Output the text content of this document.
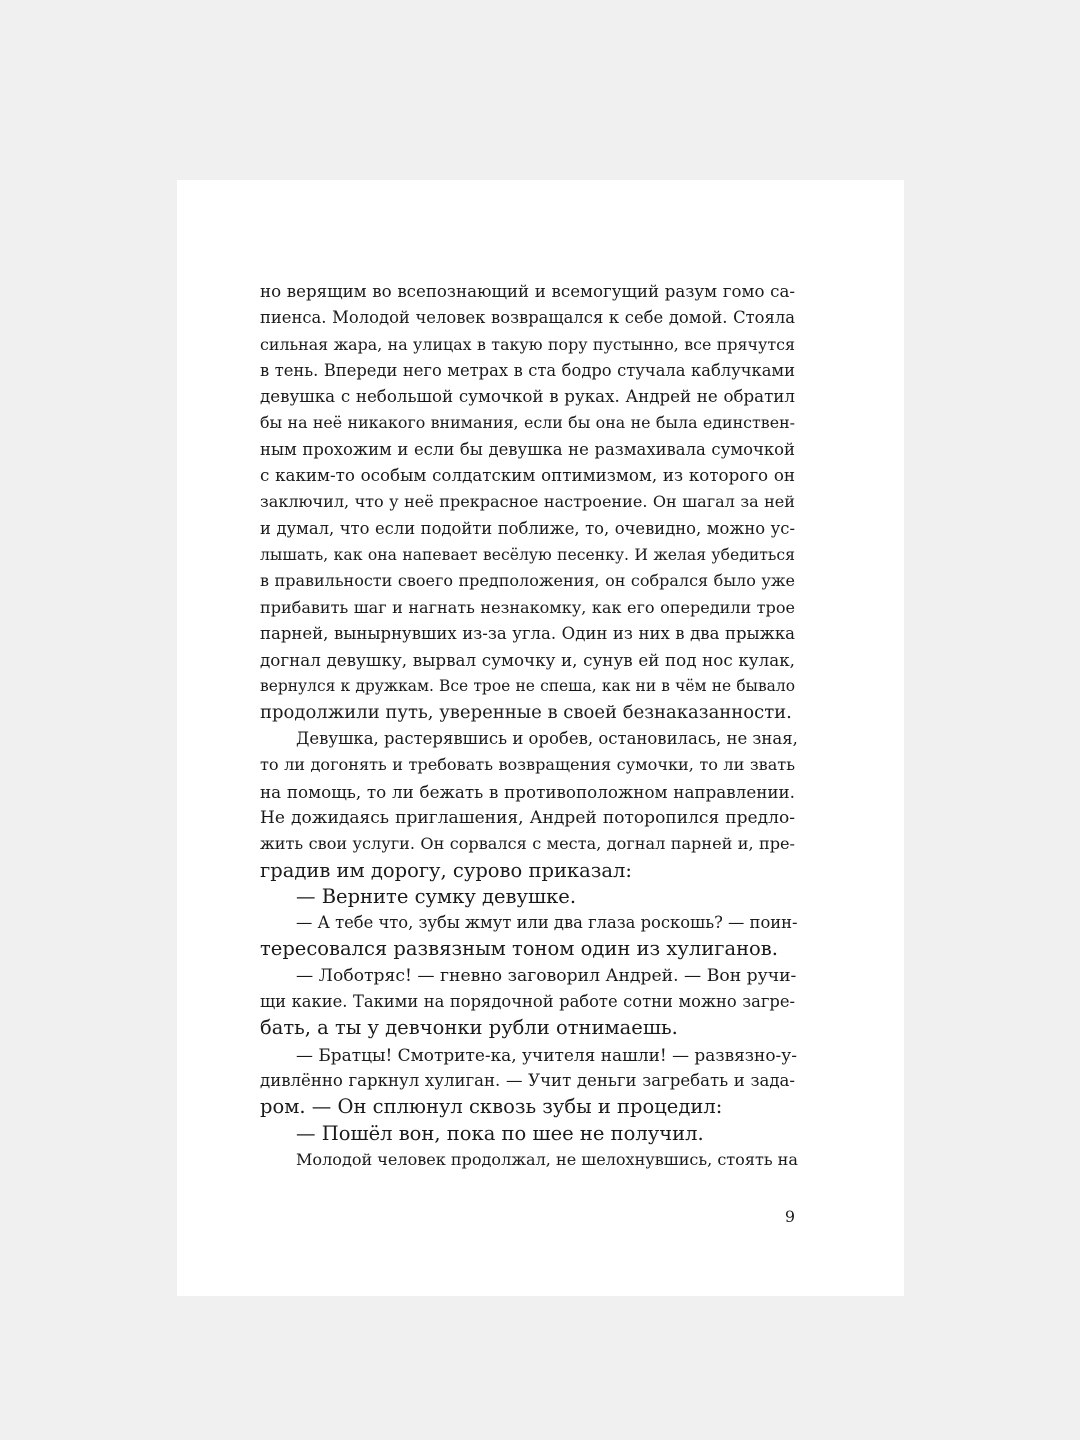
но верящим во всепознающий и всемогущий разум гомо са-
пиенса. Молодой человек возвращался к себе домой. Стояла
сильная жара, на улицах в такую пору пустынно, все прячутся
в тень. Впереди него метрах в ста бодро стучала каблучками
девушка с небольшой сумочкой в руках. Андрей не обратил
бы на неё никакого внимания, если бы она не была единствен-
ным прохожим и если бы девушка не размахивала сумочкой
с каким-то особым солдатским оптимизмом, из которого он
заключил, что у неё прекрасное настроение. Он шагал за ней
и думал, что если подойти поближе, то, очевидно, можно ус-
лышать, как она напевает весёлую песенку. И желая убедиться
в правильности своего предположения, он собрался было уже
прибавить шаг и нагнать незнакомку, как его опередили трое
парней, вынырнувших из-за угла. Один из них в два прыжка
догнал девушку, вырвал сумочку и, сунув ей под нос кулак,
вернулся к дружкам. Все трое не спеша, как ни в чём не бывало
продолжили путь, уверенные в своей безнаказанности.
Девушка, растерявшись и оробев, остановилась, не зная,
то ли догонять и требовать возвращения сумочки, то ли звать
на помощь, то ли бежать в противоположном направлении.
Не дожидаясь приглашения, Андрей поторопился предло-
жить свои услуги. Он сорвался с места, догнал парней и, пре-
градив им дорогу, сурово приказал:
— Верните сумку девушке.
— А тебе что, зубы жмут или два глаза роскошь? — поин-
тересовался развязным тоном один из хулиганов.
— Лоботряс! — гневно заговорил Андрей. — Вон ручи-
щи какие. Такими на порядочной работе сотни можно загре-
бать, а ты у девчонки рубли отнимаешь.
— Братцы! Смотрите-ка, учителя нашли! — развязно-у-
дивлённо гаркнул хулиган. — Учит деньги загребать и зада-
ром. — Он сплюнул сквозь зубы и процедил:
— Пошёл вон, пока по шее не получил.
Молодой человек продолжал, не шелохнувшись, стоять на
9
